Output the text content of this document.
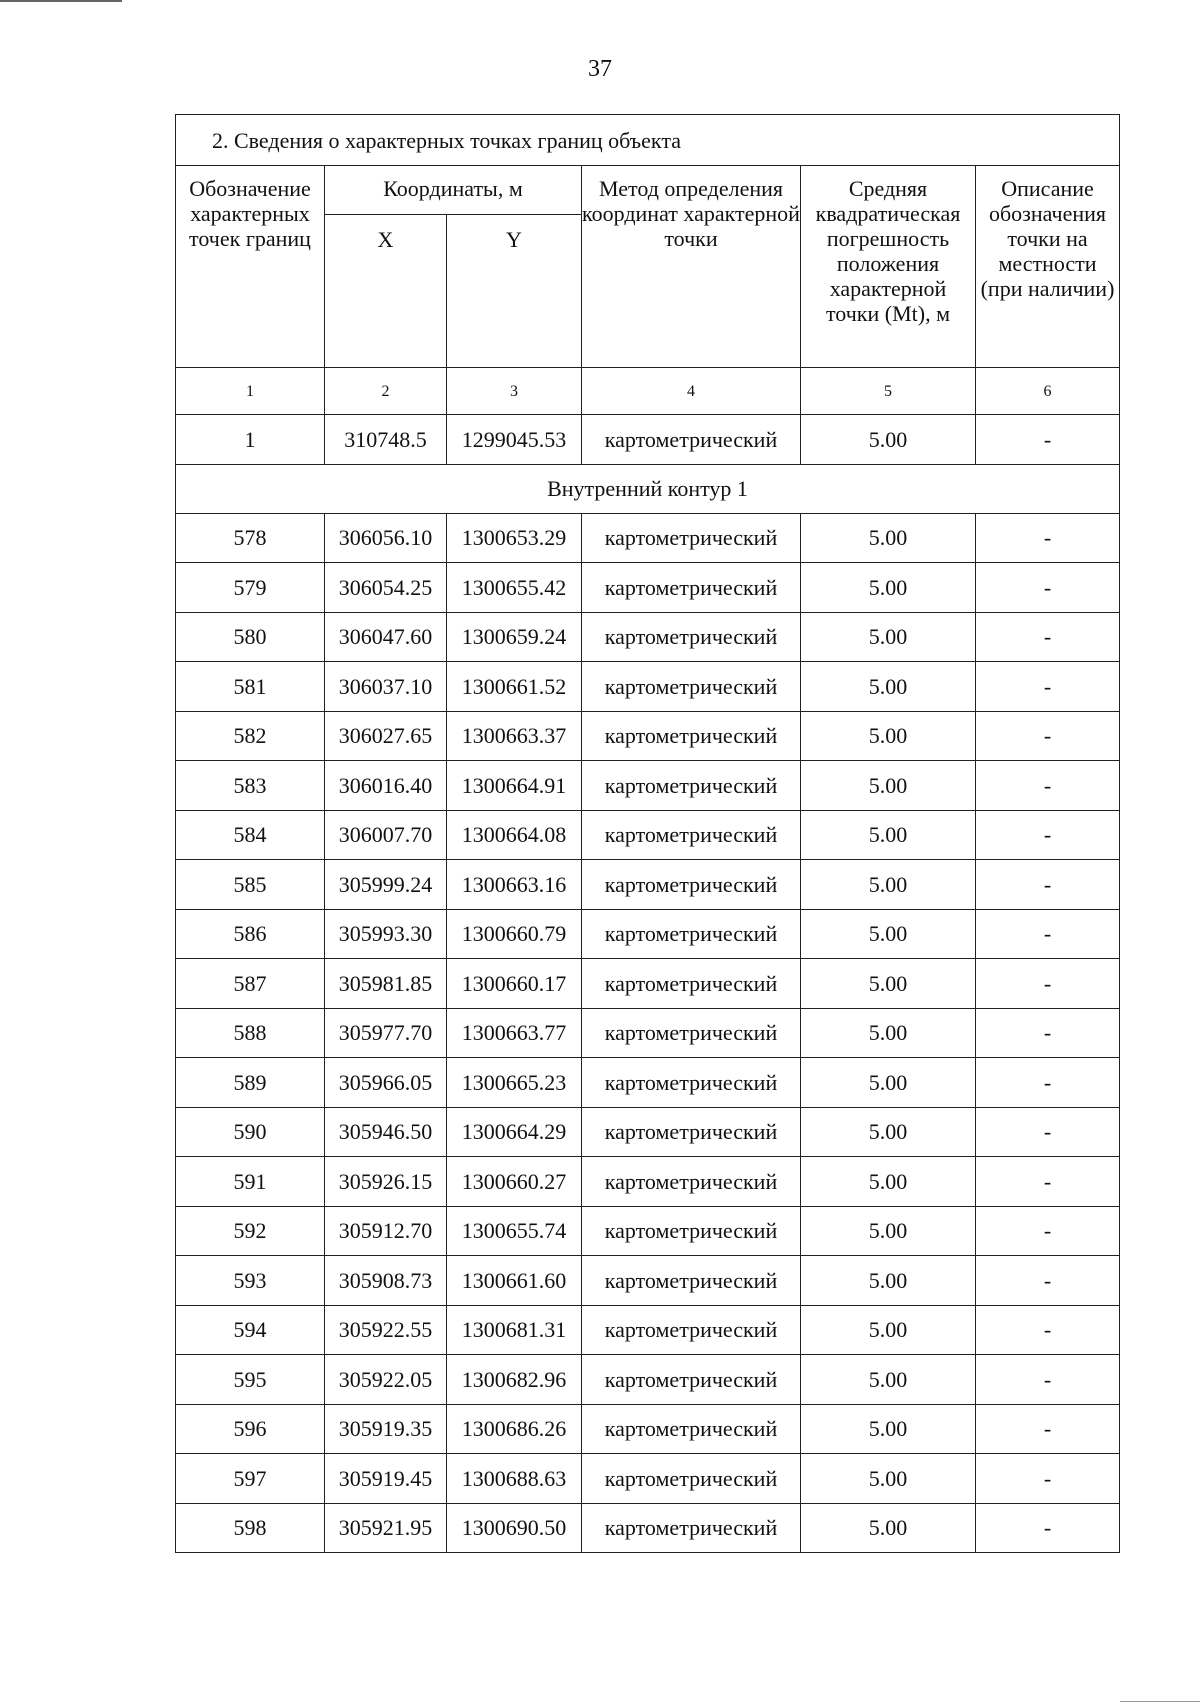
37
2. Сведения о характерных точках границ объекта					
Обозначение характерных точек границ	Координаты, м		Метод определения координат характерной точки	Средняя квадратическая погрешность положения характерной точки (Mt), м	Описание обозначения точки на местности (при наличии)
	X	Y			
1	2	3	4	5	6
1	310748.5	1299045.53	картометрический	5.00	-
Внутренний контур 1					
578	306056.10	1300653.29	картометрический	5.00	-
579	306054.25	1300655.42	картометрический	5.00	-
580	306047.60	1300659.24	картометрический	5.00	-
581	306037.10	1300661.52	картометрический	5.00	-
582	306027.65	1300663.37	картометрический	5.00	-
583	306016.40	1300664.91	картометрический	5.00	-
584	306007.70	1300664.08	картометрический	5.00	-
585	305999.24	1300663.16	картометрический	5.00	-
586	305993.30	1300660.79	картометрический	5.00	-
587	305981.85	1300660.17	картометрический	5.00	-
588	305977.70	1300663.77	картометрический	5.00	-
589	305966.05	1300665.23	картометрический	5.00	-
590	305946.50	1300664.29	картометрический	5.00	-
591	305926.15	1300660.27	картометрический	5.00	-
592	305912.70	1300655.74	картометрический	5.00	-
593	305908.73	1300661.60	картометрический	5.00	-
594	305922.55	1300681.31	картометрический	5.00	-
595	305922.05	1300682.96	картометрический	5.00	-
596	305919.35	1300686.26	картометрический	5.00	-
597	305919.45	1300688.63	картометрический	5.00	-
598	305921.95	1300690.50	картометрический	5.00	-
